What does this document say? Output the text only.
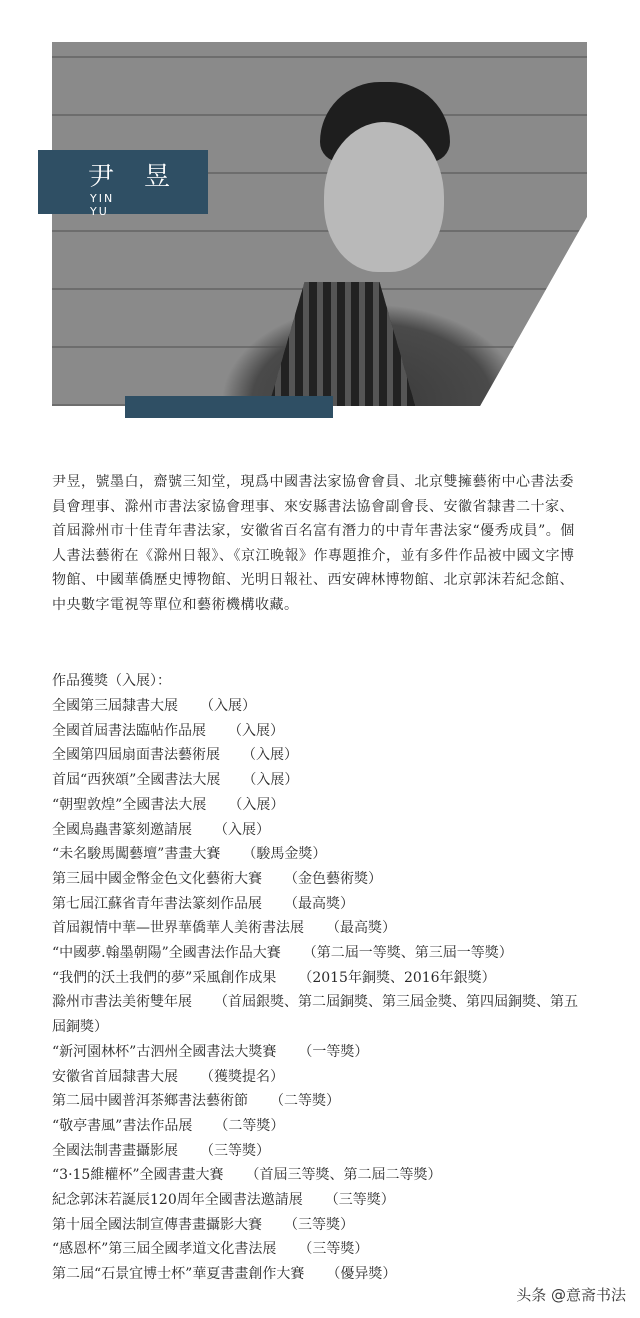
尹昱
YINYU

尹昱，號墨白，齋號三知堂，現爲中國書法家協會會員、北京雙擁藝術中心書法委員會理事、滁州市書法家協會理事、來安縣書法協會副會長、安徽省隸書二十家、首屆滁州市十佳青年書法家，安徽省百名富有潛力的中青年書法家“優秀成員”。個人書法藝術在《滁州日報》、《京江晚報》作專題推介，並有多件作品被中國文字博物館、中國華僑歷史博物館、光明日報社、西安碑林博物館、北京郭沫若紀念館、中央數字電視等單位和藝術機構收藏。

作品獲獎（入展）：

全國第三屆隸書大展 （入展）
全國首屆書法臨帖作品展 （入展）
全國第四屆扇面書法藝術展 （入展）
首屆“西狹頌”全國書法大展 （入展）
“朝聖敦煌”全國書法大展 （入展）
全國鳥蟲書篆刻邀請展 （入展）
“未名駿馬闖藝壇”書畫大賽 （駿馬金獎）
第三屆中國金幣金色文化藝術大賽 （金色藝術獎）
第七屆江蘇省青年書法篆刻作品展 （最高獎）
首屆親情中華—世界華僑華人美術書法展 （最高獎）
“中國夢.翰墨朝陽”全國書法作品大賽 （第二屆一等獎、第三屆一等獎）
“我們的沃土我們的夢”采風創作成果 （2015年銅獎、2016年銀獎）
滁州市書法美術雙年展 （首屆銀獎、第二屆銅獎、第三屆金獎、第四屆銅獎、第五屆銅獎）
“新河園林杯”古泗州全國書法大獎賽 （一等獎）
安徽省首屆隸書大展 （獲獎提名）
第二屆中國普洱茶鄉書法藝術節 （二等獎）
“敬亭書風”書法作品展 （二等獎）
全國法制書畫攝影展 （三等獎）
“3·15維權杯”全國書畫大賽 （首屆三等獎、第二屆二等獎）
紀念郭沫若誕辰120周年全國書法邀請展 （三等獎）
第十屆全國法制宣傳書畫攝影大賽 （三等獎）
“感恩杯”第三屆全國孝道文化書法展 （三等獎）
第二屆“石景宜博士杯”華夏書畫創作大賽 （優异獎）
头条 @意斋书法
